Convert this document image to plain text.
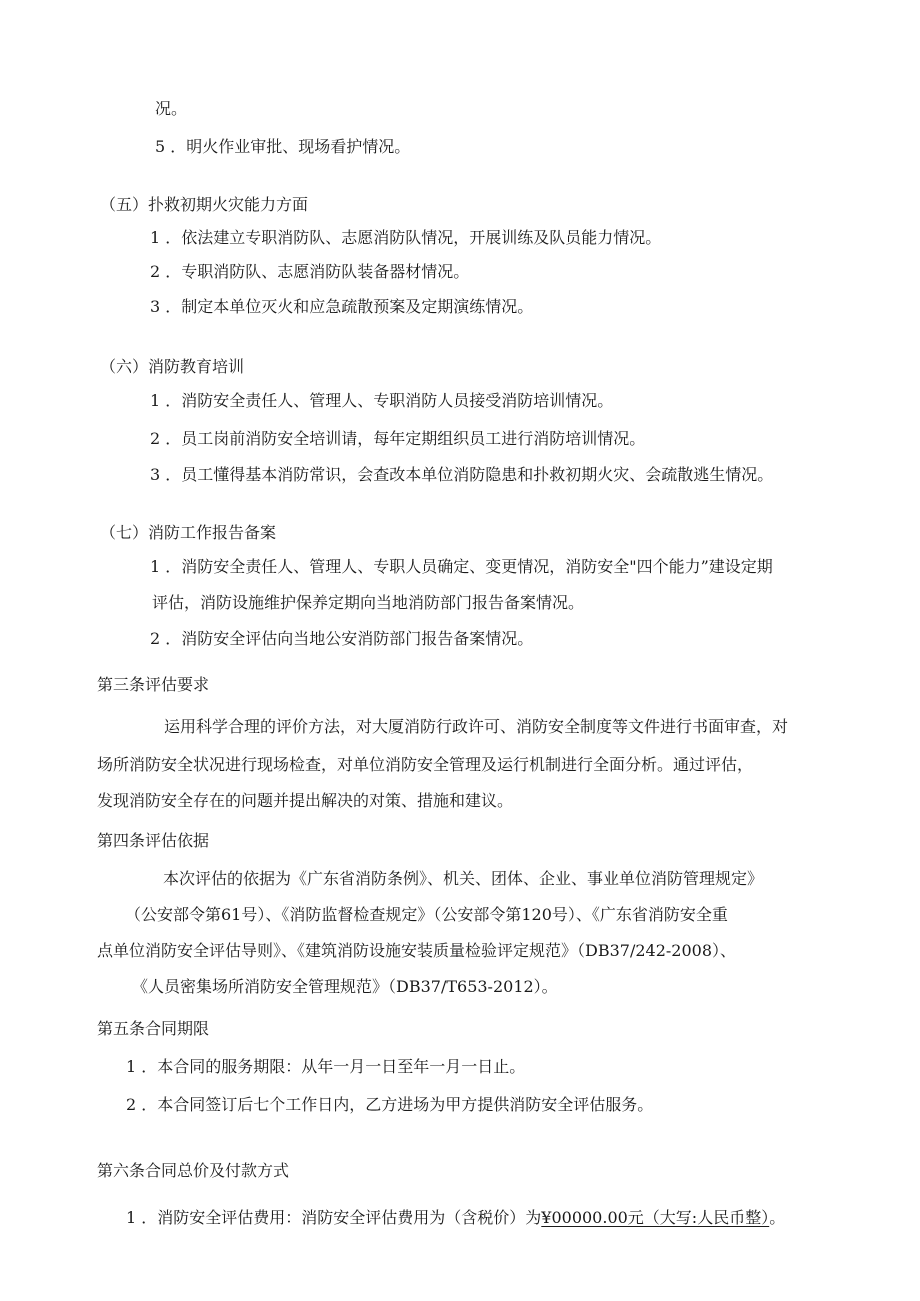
况。
5 ．明火作业审批、现场看护情况。
（五）扑救初期火灾能力方面
1 ．依法建立专职消防队、志愿消防队情况，开展训练及队员能力情况。
2 ．专职消防队、志愿消防队装备器材情况。
3 ．制定本单位灭火和应急疏散预案及定期演练情况。
（六）消防教育培训
1 ．消防安全责任人、管理人、专职消防人员接受消防培训情况。
2 ．员工岗前消防安全培训请，每年定期组织员工进行消防培训情况。
3 ．员工懂得基本消防常识，会查改本单位消防隐患和扑救初期火灾、会疏散逃生情况。
（七）消防工作报告备案
1 ．消防安全责任人、管理人、专职人员确定、变更情况，消防安全"四个能力”建设定期
评估，消防设施维护保养定期向当地消防部门报告备案情况。
2 ．消防安全评估向当地公安消防部门报告备案情况。
第三条评估要求
运用科学合理的评价方法，对大厦消防行政许可、消防安全制度等文件进行书面审查，对
场所消防安全状况进行现场检查，对单位消防安全管理及运行机制进行全面分析。通过评估，
发现消防安全存在的问题并提出解决的对策、措施和建议。
第四条评估依据
本次评估的依据为《广东省消防条例》、机关、团体、企业、事业单位消防管理规定》
（公安部令第61号）、《消防监督检查规定》（公安部令第120号）、《广东省消防安全重
点单位消防安全评估导则》、《建筑消防设施安装质量检验评定规范》（DB37/242-2008）、
《人员密集场所消防安全管理规范》（DB37/T653-2012）。
第五条合同期限
1 ．本合同的服务期限：从年一月一日至年一月一日止。
2 ．本合同签订后七个工作日内，乙方进场为甲方提供消防安全评估服务。
第六条合同总价及付款方式
1 ．消防安全评估费用：消防安全评估费用为（含税价）为¥00000.00元（大写:人民币整）。
